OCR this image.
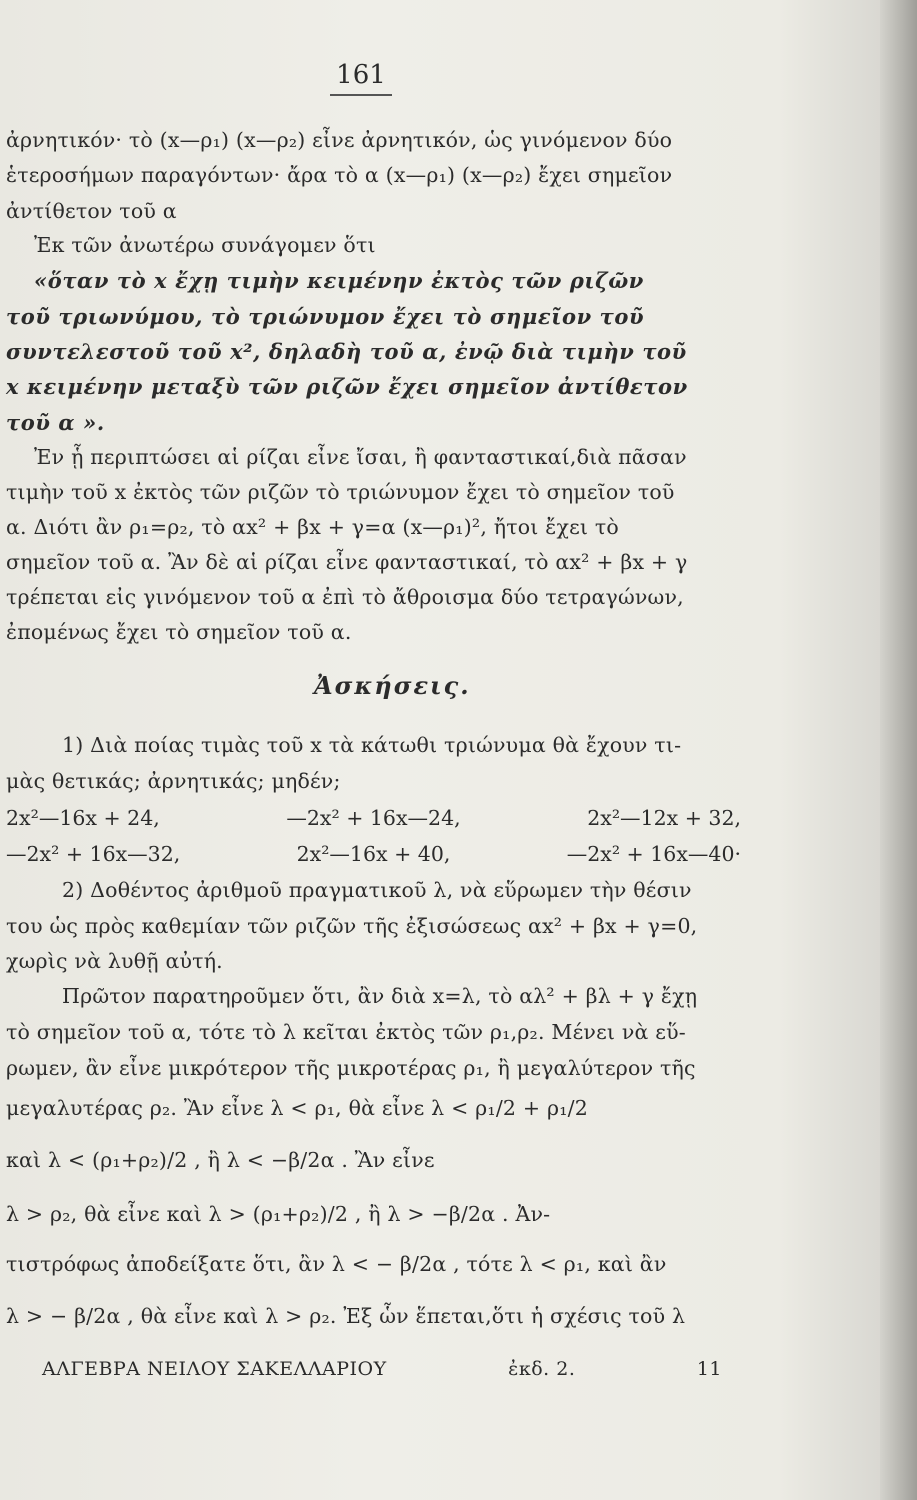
161
ἀρνητικόν· τὸ (x—ρ₁) (x—ρ₂) εἶνε ἀρνητικόν, ὡς γινόμενον δύο
ἑτεροσήμων παραγόντων· ἄρα τὸ α (x—ρ₁) (x—ρ₂) ἔχει σημεῖον
ἀντίθετον τοῦ α
Ἐκ τῶν ἀνωτέρω συνάγομεν ὅτι
«ὅταν τὸ x ἔχῃ τιμὴν κειμένην ἐκτὸς τῶν ριζῶν
τοῦ τριωνύμου, τὸ τριώνυμον ἔχει τὸ σημεῖον τοῦ
συντελεστοῦ τοῦ x², δηλαδὴ τοῦ α, ἐνῷ διὰ τιμὴν τοῦ
x κειμένην μεταξὺ τῶν ριζῶν ἔχει σημεῖον ἀντίθετον
τοῦ α ».
Ἐν ᾗ περιπτώσει αἱ ρίζαι εἶνε ἴσαι, ἢ φανταστικαί,διὰ πᾶσαν
τιμὴν τοῦ x ἐκτὸς τῶν ριζῶν τὸ τριώνυμον ἔχει τὸ σημεῖον τοῦ
α. Διότι ἂν ρ₁=ρ₂, τὸ αx² + βx + γ=α (x—ρ₁)², ἤτοι ἔχει τὸ
σημεῖον τοῦ α. Ἂν δὲ αἱ ρίζαι εἶνε φανταστικαί, τὸ αx² + βx + γ
τρέπεται εἰς γινόμενον τοῦ α ἐπὶ τὸ ἄθροισμα δύο τετραγώνων,
ἐπομένως ἔχει τὸ σημεῖον τοῦ α.
Ἀσκήσεις.
1) Διὰ ποίας τιμὰς τοῦ x τὰ κάτωθι τριώνυμα θὰ ἔχουν τι-
μὰς θετικάς; ἀρνητικάς; μηδέν;
2x²—16x + 24,	—2x² + 16x—24,	2x²—12x + 32,
—2x² + 16x—32,	2x²—16x + 40,	—2x² + 16x—40·
2) Δοθέντος ἀριθμοῦ πραγματικοῦ λ, νὰ εὕρωμεν τὴν θέσιν
του ὡς πρὸς καθεμίαν τῶν ριζῶν τῆς ἐξισώσεως αx² + βx + γ=0,
χωρὶς νὰ λυθῇ αὐτή.
Πρῶτον παρατηροῦμεν ὅτι, ἂν διὰ x=λ, τὸ αλ² + βλ + γ ἔχῃ
τὸ σημεῖον τοῦ α, τότε τὸ λ κεῖται ἐκτὸς τῶν ρ₁,ρ₂. Μένει νὰ εὕ-
ρωμεν, ἂν εἶνε μικρότερον τῆς μικροτέρας ρ₁, ἢ μεγαλύτερον τῆς
μεγαλυτέρας ρ₂. Ἂν εἶνε λ < ρ₁, θὰ εἶνε λ < ρ₁/2 + ρ₁/2
καὶ λ < (ρ₁+ρ₂)/2 , ἢ λ < −β/2α . Ἂν εἶνε
λ > ρ₂, θὰ εἶνε καὶ λ > (ρ₁+ρ₂)/2 , ἢ λ > −β/2α . Ἀν-
τιστρόφως ἀποδείξατε ὅτι, ἂν λ < − β/2α , τότε λ < ρ₁, καὶ ἂν
λ > − β/2α , θὰ εἶνε καὶ λ > ρ₂. Ἐξ ὧν ἕπεται,ὅτι ἡ σχέσις τοῦ λ
ΑΛΓΕΒΡΑ ΝΕΙΛΟΥ ΣΑΚΕΛΛΑΡΙΟΥ	ἐκδ. 2.	11
